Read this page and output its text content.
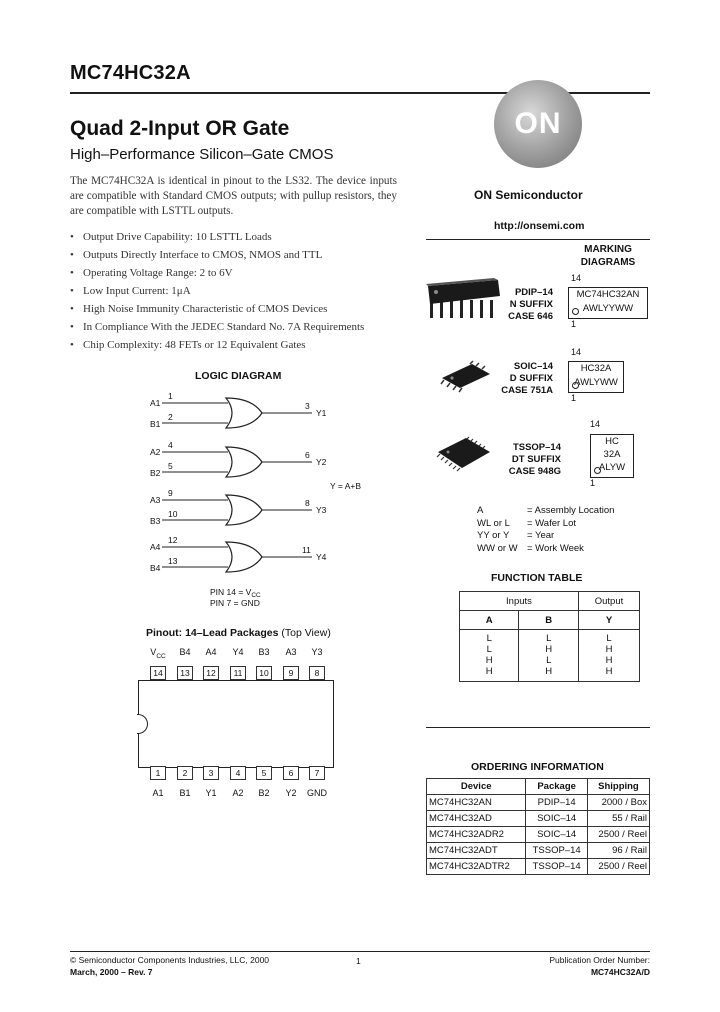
MC74HC32A
Quad 2-Input OR Gate
High–Performance Silicon–Gate CMOS
The MC74HC32A is identical in pinout to the LS32. The device inputs are compatible with Standard CMOS outputs; with pullup resistors, they are compatible with LSTTL outputs.
• Output Drive Capability: 10 LSTTL Loads
• Outputs Directly Interface to CMOS, NMOS and TTL
• Operating Voltage Range: 2 to 6V
• Low Input Current: 1μA
• High Noise Immunity Characteristic of CMOS Devices
• In Compliance With the JEDEC Standard No. 7A Requirements
• Chip Complexity: 48 FETs or 12 Equivalent Gates
LOGIC DIAGRAM
A1
1
B1
2
3
Y1
A2
4
B2
5
6
Y2
Y = A+B
A3
9
B3
10
8
Y3
A4
12
B4
13
11
Y4
PIN $14 = V_{CC}$
PIN 7 = GND
Pinout: 14–Lead Packages (Top View)
$V_{CC}$	B4	A4	Y4	B3	A3	Y3
14	13	12	11	10	9	8
1	2	3	4	5	6	7
A1	B1	Y1	A2	B2	Y2	GND
ON
ON Semiconductor
http://onsemi.com
MARKING
DIAGRAMS
PDIP–14
N SUFFIX
CASE 646
14
MC74HC32AN
AWLYYWW
1
SOIC–14
D SUFFIX
CASE 751A
14
HC32A
AWLYWW
1
TSSOP–14
DT SUFFIX
CASE 948G
14
HC
32A
ALYW
1
A	= Assembly Location
WL or L	= Wafer Lot
YY or Y	= Year
WW or W	= Work Week
FUNCTION TABLE
Inputs		Output
A	B	Y
L	L	L
L	H	H
H	L	H
H	H	H
ORDERING INFORMATION
Device	Package	Shipping
MC74HC32AN	PDIP–14	2000 / Box
MC74HC32AD	SOIC–14	55 / Rail
MC74HC32ADR2	SOIC–14	2500 / Reel
MC74HC32ADT	TSSOP–14	96 / Rail
MC74HC32ADTR2	TSSOP–14	2500 / Reel
© Semiconductor Components Industries, LLC, 2000
March, 2000 – Rev. 7
1	Publication Order Number:
MC74HC32A/D
